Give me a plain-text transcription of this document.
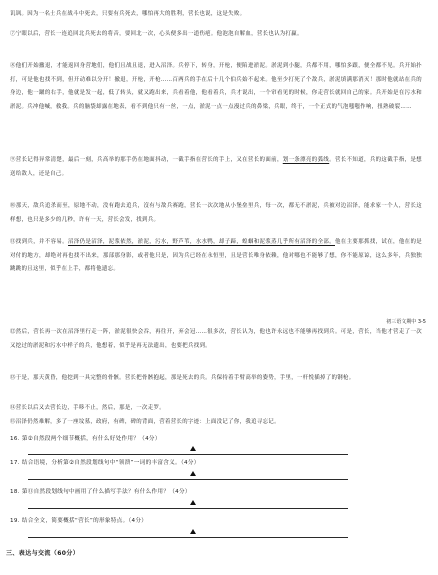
讥讽。因为一名士兵在战斗中死去，只要有兵死去，哪怕再大的胜利，营长也说，这是失败。

⑦宁眼以后，营长一连追回北兵死去的将音，要回北一次，心头便多出一道伤疤。他泡泡自解血，营长也认为打赢。

⑧他们开始撤退，才能返回身营地们，他们且战且退，进入沼泽。兵停下，转身，开枪，便陷进淤泥。淤泥到小腿，兵都不用，哪怕多跟，便全都不见。兵开始扑打，可是他也找不到，但开动难以分开！撤退，开枪，开枪……百两兵的手在后十几个伯兵始不起来。他至少打死了个敌兵，淤泥填满那消灭！那时他就站在兵的身边，他一蹴的右手，他就是发一起，低了转头，就又跑出来，兵看着他，他看着兵，兵才说出，一个帘看见的时候，你走营长就回自己的家。兵开始是在污水和淤泥。兵冲他喊，救我。兵的脑袋却露在地表，看不到他只有一丝，一点，淤泥一点一点漫过兵的鼻梁，兵眼，终于，一个正式的气泡嗤嗤作响，扭熟破裂……

⑨营长记得异常清楚，最后一刻，兵高举的那手仍在地面抖动，一截手指在营长的手上，又在营长的面前，划一条漂亮的弧线。营长不知道，兵的这截手指，是想送给敌人，还是自己。

⑩那天，敌兵追杀而至，原地不动，没有跑去追兵，沒有与敌兵赛跑，营长一次次地从小堡垒里兵，每一次，都无不淤泥，兵被对边沼泽，能求家一个人，营长这样想，也只是多少的几秒，许有一天，营长会发，找到兵。

⑪找到兵，并不容易。沼泽仍是沼泽，泥浆依然，淤泥，污水，野芦苇，水水鸭，却子蹄，蝗蝈和泥浆蒸几乎所有沼泽的全部。他在主要那抓找，试在，他在的是对付的地方，却绝对再也找不出来，那部那身影，或者他只是，因为兵已经在永恒里，且是营长唯身依赖，他对哪也不能够了想，你不能原谅，这么多年，兵独独跳跳的且这里，似乎在上手，都将他遗忘。

初三语文期中 3-5

⑫然后，营长再一次在沼泽里行走一阵，淤泥很快会吞，再往开，弃会冠……很多次，营长认为，他也许永远也不能够再找到兵。可是，营长，当他才营走了一次又挖过的淤泥和污水中样子的兵，他想着，似乎是再无法遗出，也要把兵找到。

⑬于是，那天黄昏，他挖到一具完整的骨骸。营长把骨骸抱起，那是死去的兵。兵保持着手臂高举的姿势，手里，一杆悦插掉了的钢枪。

⑭营长以后又去营长边，手哆不止，然后，那是，一次走罗。

⑮沼泽仍然难解，多了一座坟墓，政府，有碑，碑的背面，营着营长的字迹：上面没记了你，我追寻忘记。

16. 第②自然段两个细节概括，有什么好处作用？（4分）
17. 结合语境，分析第②自然段划线句中“领溃”一词的丰富含义。（4分）
18. 第⑪自然段划线句中画用了什么描写手法？有什么作用？（4分）
19. 结合全文，简要概括“营长”的形象特点。（4分）
三、表达与交流（60分）
